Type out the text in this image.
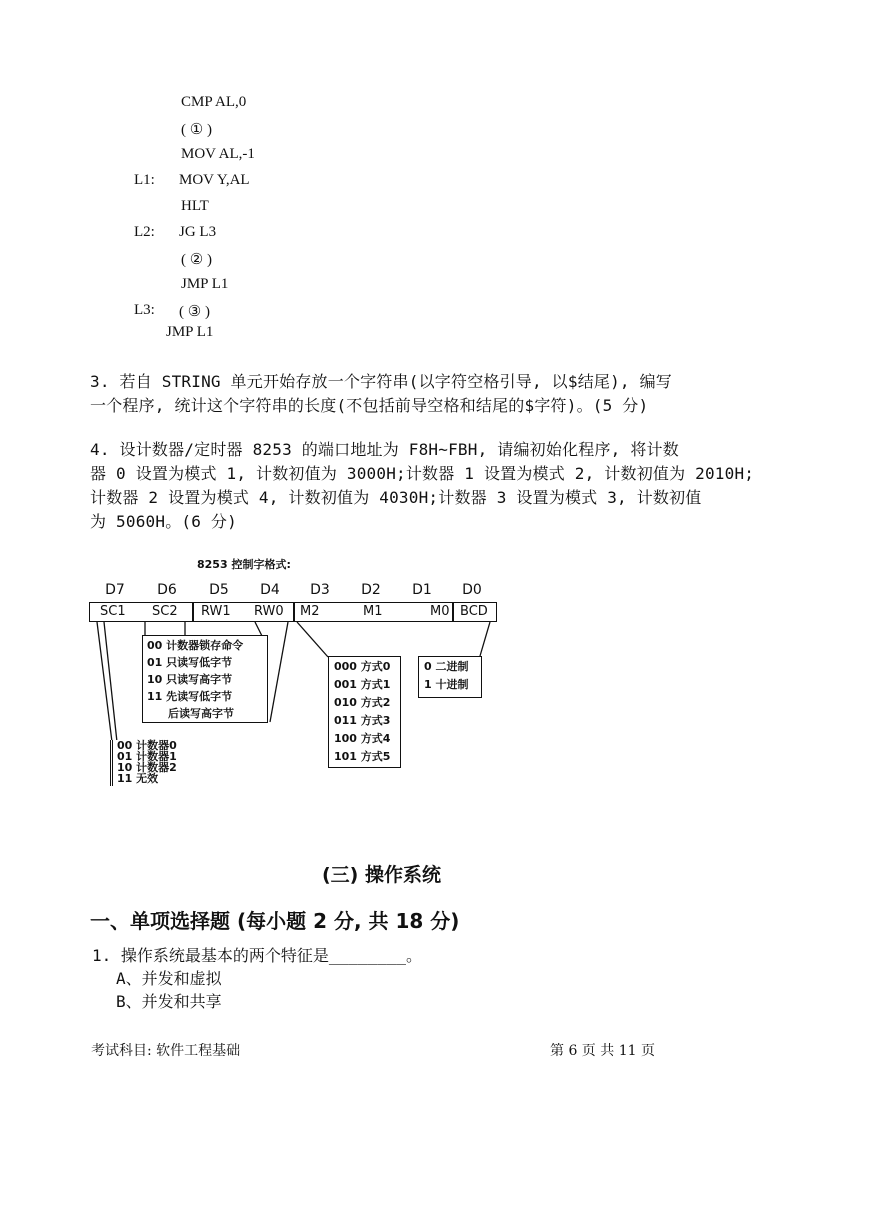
CMP AL,0
( ① )
MOV AL,-1
L1: MOV Y,AL
HLT
L2: JG L3
( ② )
JMP L1
L3: ( ③ )
JMP L1
3. 若自 STRING 单元开始存放一个字符串(以字符空格引导, 以$结尾), 编写
一个程序, 统计这个字符串的长度(不包括前导空格和结尾的$字符)。(5 分)
4. 设计数器/定时器 8253 的端口地址为 F8H~FBH, 请编初始化程序, 将计数
器 0 设置为模式 1, 计数初值为 3000H;计数器 1 设置为模式 2, 计数初值为 2010H;
计数器 2 设置为模式 4, 计数初值为 4030H;计数器 3 设置为模式 3, 计数初值
为 5060H。(6 分)
8253 控制字格式:
D7	D6	D5	D4	D3	D2	D1	D0
SC1 SC2 RW1 RW0 M2	M1	M0 BCD
00 计数器锁存命令
01 只读写低字节
10 只读写高字节
11 先读写低字节
后读写高字节
000 方式0
001 方式1
010 方式2
011 方式3
100 方式4
101 方式5
0 二进制
1 十进制
00 计数器0
01 计数器1
10 计数器2
11 无效
(三) 操作系统
一、单项选择题 (每小题 2 分, 共 18 分)
1. 操作系统最基本的两个特征是________。
A、并发和虚拟
B、并发和共享
考试科目: 软件工程基础	第 6 页 共 11 页
